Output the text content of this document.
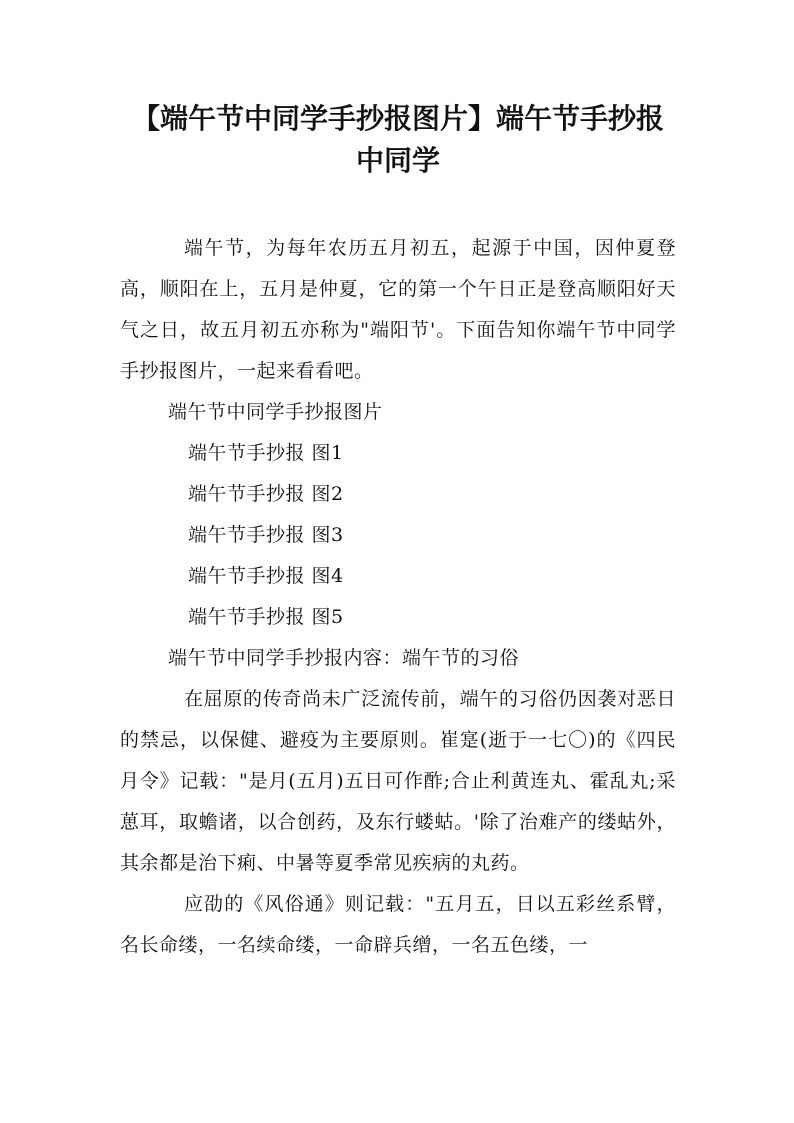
【端午节中同学手抄报图片】端午节手抄报中同学

端午节，为每年农历五月初五，起源于中国，因仲夏登高，顺阳在上，五月是仲夏，它的第一个午日正是登高顺阳好天气之日，故五月初五亦称为"端阳节'。下面告知你端午节中同学手抄报图片，一起来看看吧。

端午节中同学手抄报图片

端午节手抄报 图1

端午节手抄报 图2

端午节手抄报 图3

端午节手抄报 图4

端午节手抄报 图5

端午节中同学手抄报内容：端午节的习俗

在屈原的传奇尚未广泛流传前，端午的习俗仍因袭对恶日的禁忌，以保健、避疫为主要原则。崔寔(逝于一七〇)的《四民月令》记载："是月(五月)五日可作酢;合止利黄连丸、霍乱丸;采葸耳，取蟾诸，以合创药，及东行蝼蛄。'除了治难产的缕蛄外，其余都是治下痢、中暑等夏季常见疾病的丸药。

应劭的《风俗通》则记载："五月五，日以五彩丝系臂，名长命缕，一名续命缕，一命辟兵缯，一名五色缕，一
